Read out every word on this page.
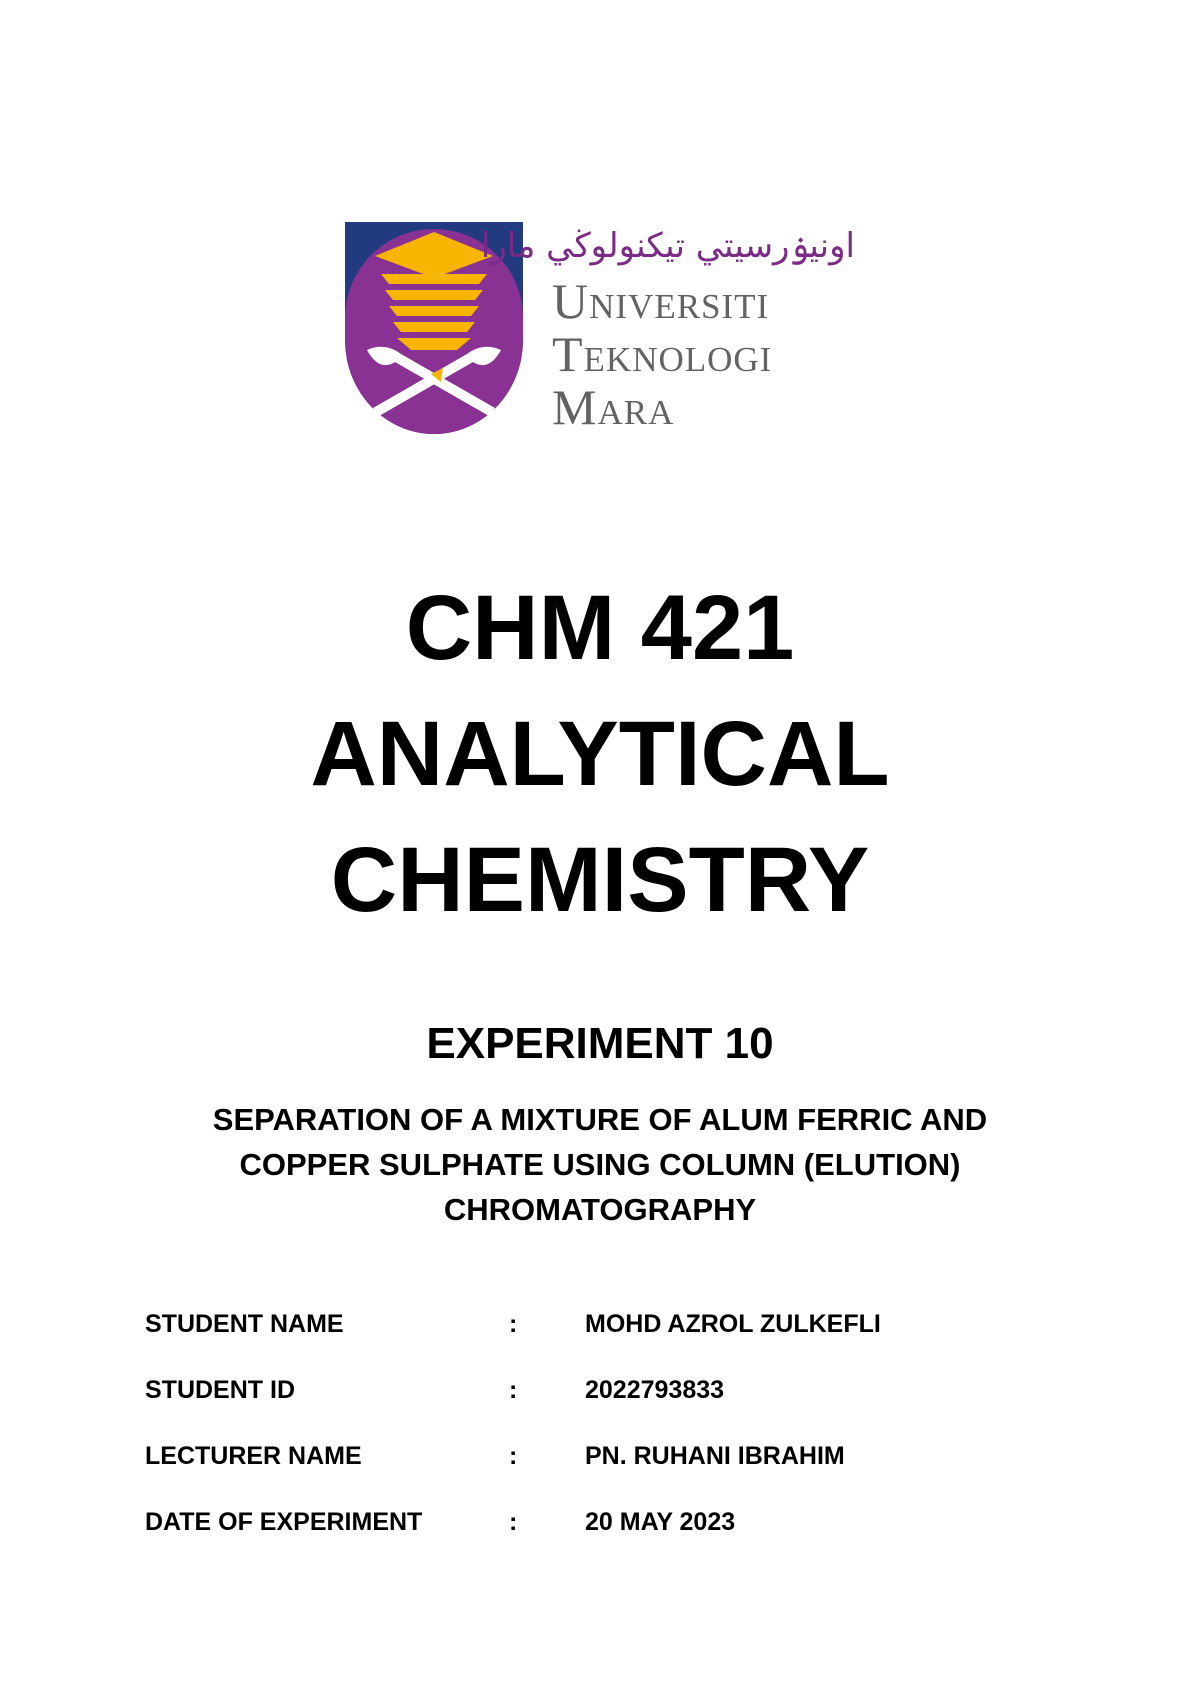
اونيۏرسيتي تيكنولوڬي مارا
Universiti
Teknologi
Mara
CHM 421
ANALYTICAL
CHEMISTRY
EXPERIMENT 10
SEPARATION OF A MIXTURE OF ALUM FERRIC AND
COPPER SULPHATE USING COLUMN (ELUTION)
CHROMATOGRAPHY
STUDENT NAME	:	MOHD AZROL ZULKEFLI
STUDENT ID	:	2022793833
LECTURER NAME	:	PN. RUHANI IBRAHIM
DATE OF EXPERIMENT	:	20 MAY 2023
